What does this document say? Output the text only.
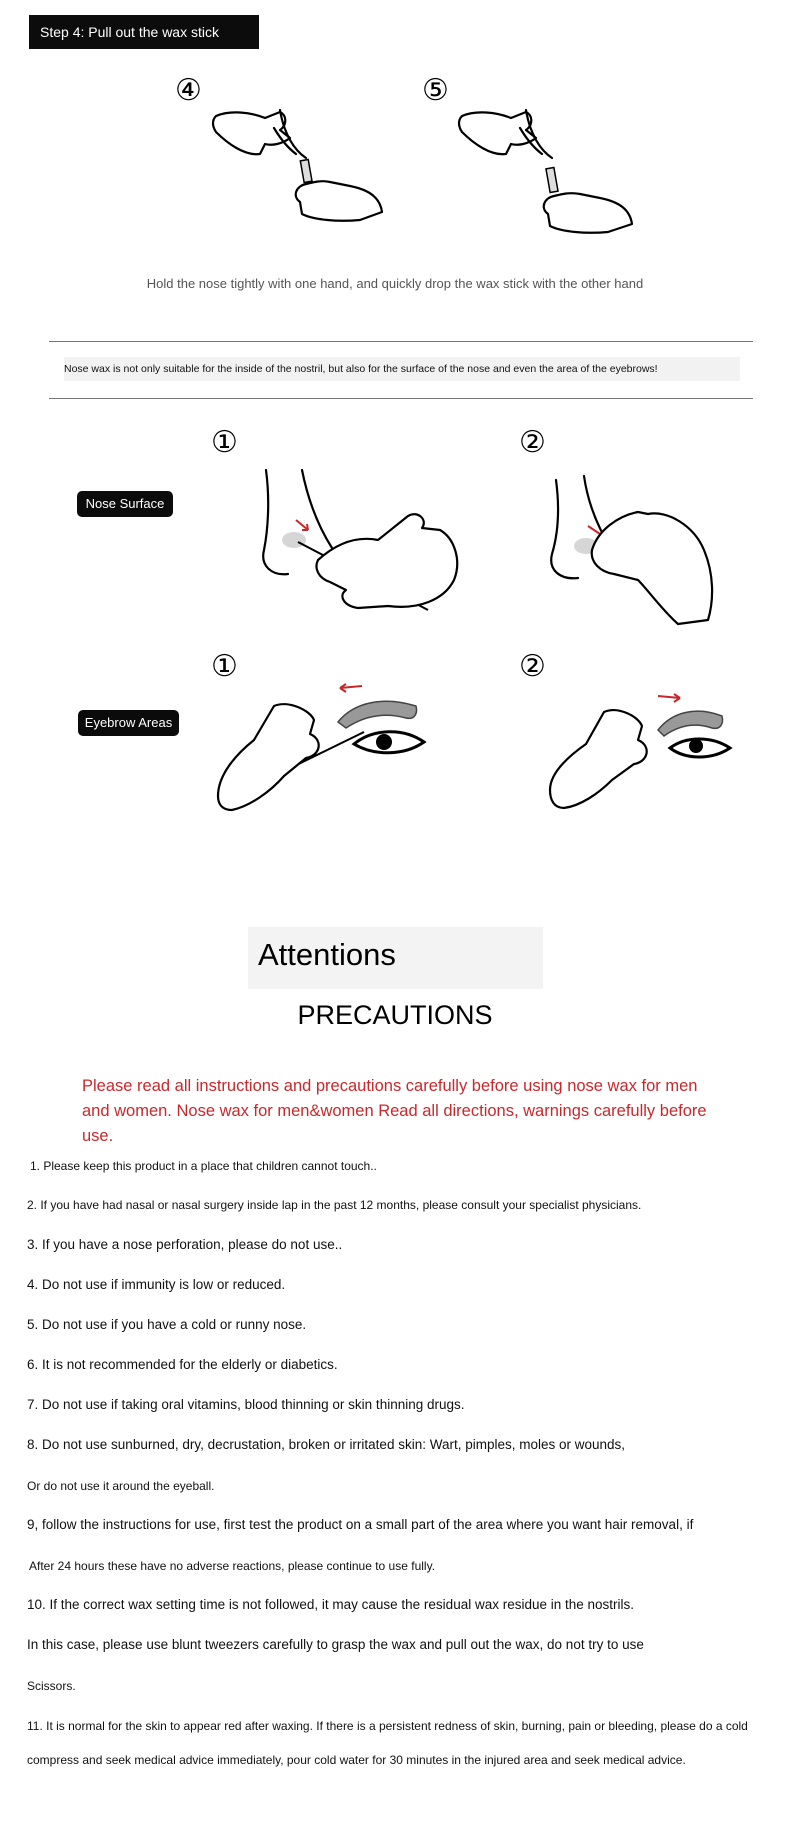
Step 4: Pull out the wax stick
④	⑤
Hold the nose tightly with one hand, and quickly drop the wax stick with the other hand
Nose wax is not only suitable for the inside of the nostril, but also for the surface of the nose and even the area of the eyebrows!
①	②
Nose Surface
①	②
Eyebrow Areas
Attentions
PRECAUTIONS
Please read all instructions and precautions carefully before using nose wax for men and women. Nose wax for men&women Read all directions, warnings carefully before use.
1. Please keep this product in a place that children cannot touch..
2. If you have had nasal or nasal surgery inside lap in the past 12 months, please consult your specialist physicians.
3. If you have a nose perforation, please do not use..
4. Do not use if immunity is low or reduced.
5. Do not use if you have a cold or runny nose.
6. It is not recommended for the elderly or diabetics.
7. Do not use if taking oral vitamins, blood thinning or skin thinning drugs.
8. Do not use sunburned, dry, decrustation, broken or irritated skin: Wart, pimples, moles or wounds,
Or do not use it around the eyeball.
9, follow the instructions for use, first test the product on a small part of the area where you want hair removal, if
After 24 hours these have no adverse reactions, please continue to use fully.
10. If the correct wax setting time is not followed, it may cause the residual wax residue in the nostrils.
In this case, please use blunt tweezers carefully to grasp the wax and pull out the wax, do not try to use
Scissors.
11. It is normal for the skin to appear red after waxing. If there is a persistent redness of skin, burning, pain or bleeding, please do a cold
compress and seek medical advice immediately, pour cold water for 30 minutes in the injured area and seek medical advice.
